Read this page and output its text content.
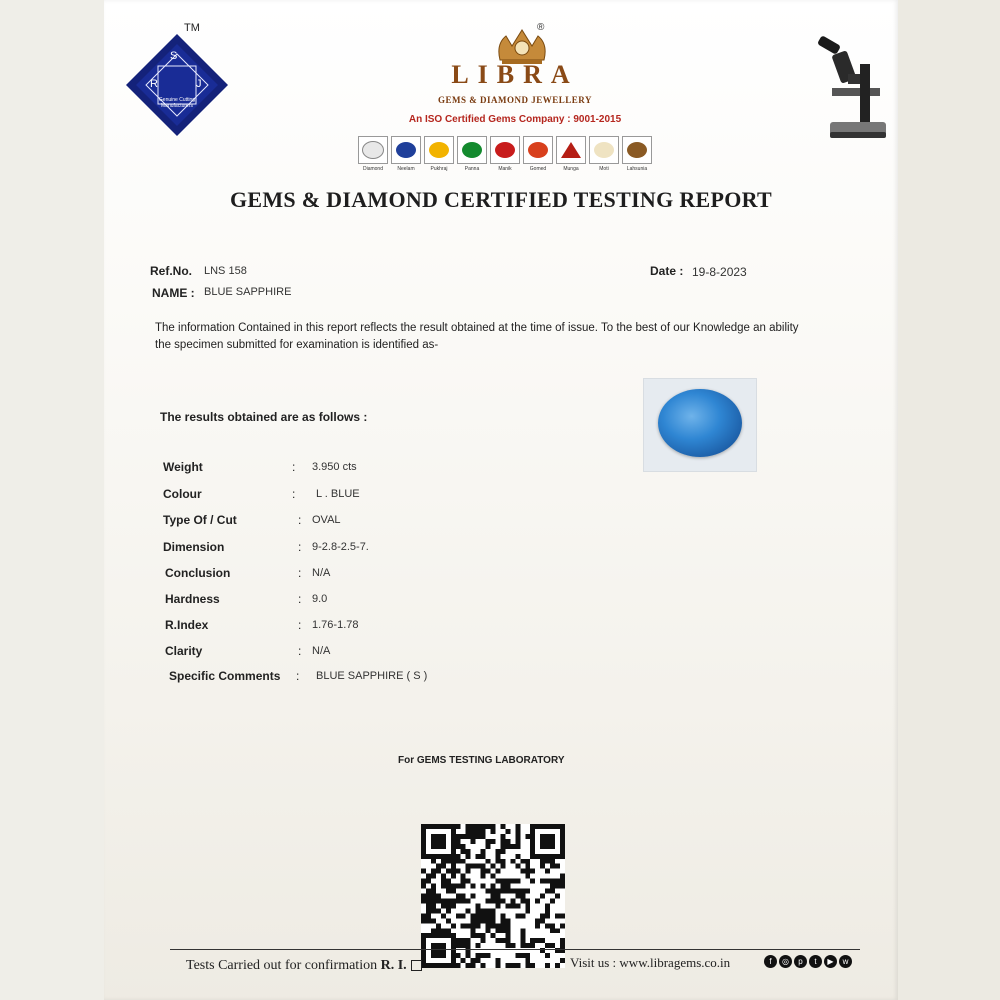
TM
S
R	J
Genuine Cutting Manufacturers
®
LIBRA
GEMS & DIAMOND JEWELLERY
An ISO Certified Gems Company : 9001-2015
Diamond	Neelam	Pukhraj	Panna	Manik	Gomed	Munga	Moti	Lahsunia
GEMS & DIAMOND CERTIFIED TESTING REPORT
Ref.No. LNS 158	Date : 19-8-2023
NAME : BLUE SAPPHIRE
The information Contained in this report reflects the result obtained at the time of issue. To the best of our Knowledge an ability the specimen submitted for examination is identified as-
The results obtained are as follows :
Weight	: 3.950 cts
Colour	: L . BLUE
Type Of / Cut	: OVAL
Dimension	: 9-2.8-2.5-7.
Conclusion	: N/A
Hardness	: 9.0
R.Index	: 1.76-1.78
Clarity	: N/A
Specific Comments : BLUE SAPPHIRE ( S )
For GEMS TESTING LABORATORY
Tests Carried out for confirmation R. I.	Visit us : www.libragems.co.in	f	◎	p	t	▶	w
